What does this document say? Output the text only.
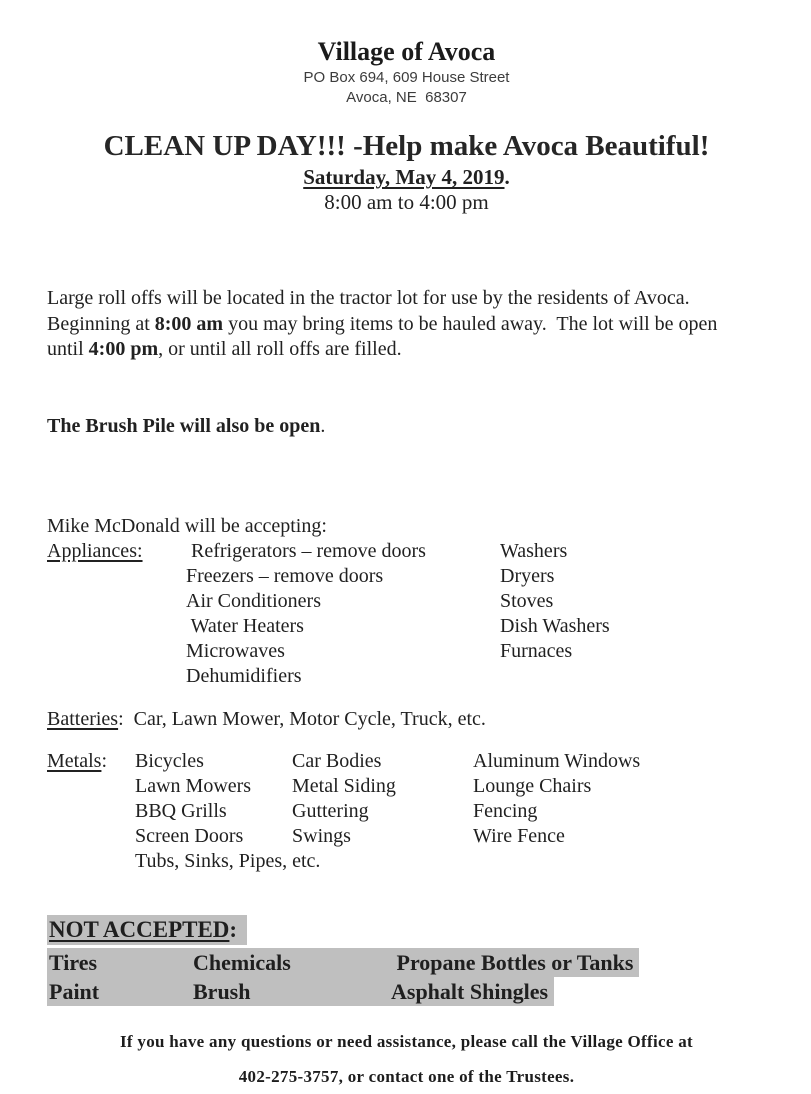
Village of Avoca
PO Box 694, 609 House Street
Avoca, NE  68307
CLEAN UP DAY!!! -Help make Avoca Beautiful!
Saturday, May 4, 2019.
8:00 am to 4:00 pm

Large roll offs will be located in the tractor lot for use by the residents of Avoca.  Beginning at 8:00 am you may bring items to be hauled away.  The lot will be open until 4:00 pm, or until all roll offs are filled.

The Brush Pile will also be open.

Mike McDonald will be accepting:
Appliances:	Refrigerators – remove doors	Washers
Freezers – remove doors	Dryers
Air Conditioners	Stoves
Water Heaters	Dish Washers
Microwaves	Furnaces
Dehumidifiers
Batteries:  Car, Lawn Mower, Motor Cycle, Truck, etc.
Metals:	Bicycles	Car Bodies	Aluminum Windows
Lawn Mowers	Metal Siding	Lounge Chairs
BBQ Grills	Guttering	Fencing
Screen Doors	Swings	Wire Fence
Tubs, Sinks, Pipes, etc.
NOT ACCEPTED:
Tires	Chemicals	Propane Bottles or Tanks
Paint	Brush	Asphalt Shingles
If you have any questions or need assistance, please call the Village Office at
402-275-3757, or contact one of the Trustees.
